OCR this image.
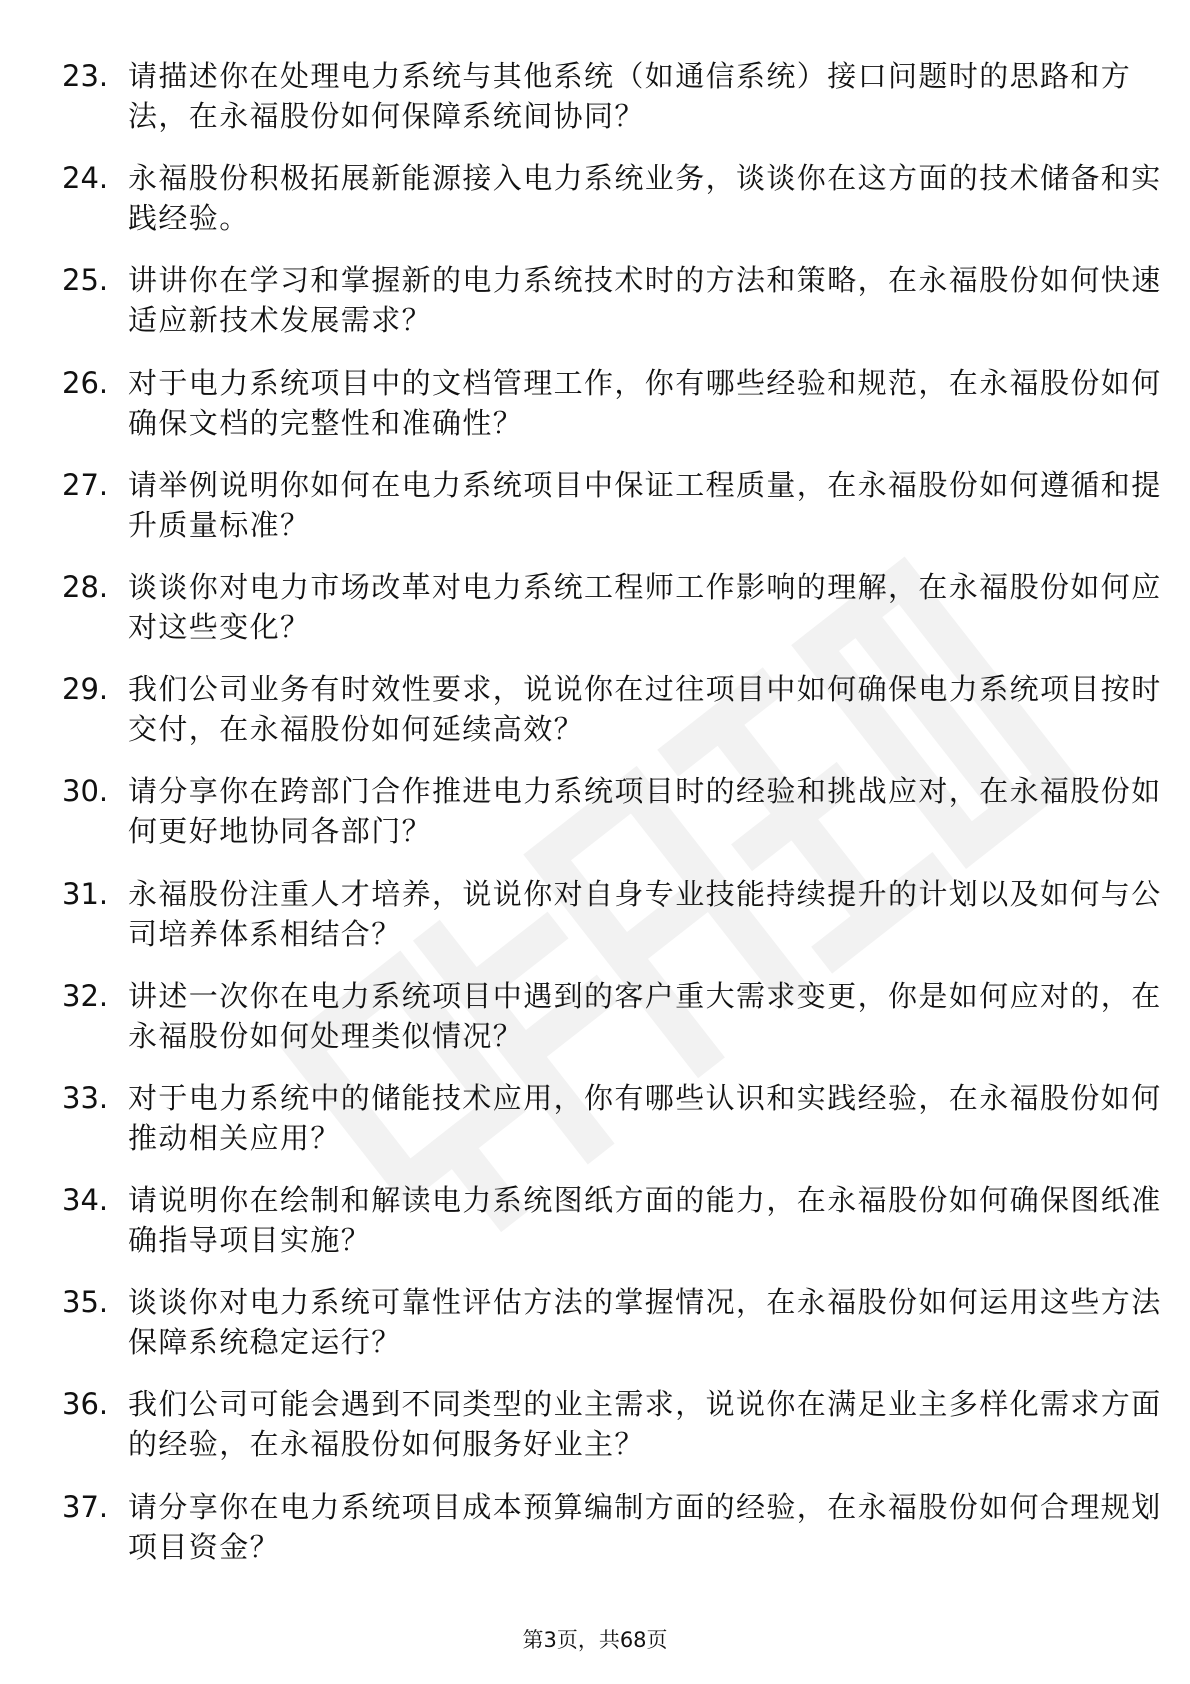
23. 请描述你在处理电力系统与其他系统（如通信系统）接口问题时的思路和方法，在永福股份如何保障系统间协同？

24. 永福股份积极拓展新能源接入电力系统业务，谈谈你在这方面的技术储备和实践经验。

25. 讲讲你在学习和掌握新的电力系统技术时的方法和策略，在永福股份如何快速适应新技术发展需求？

26. 对于电力系统项目中的文档管理工作，你有哪些经验和规范，在永福股份如何确保文档的完整性和准确性？

27. 请举例说明你如何在电力系统项目中保证工程质量，在永福股份如何遵循和提升质量标准？

28. 谈谈你对电力市场改革对电力系统工程师工作影响的理解，在永福股份如何应对这些变化？

29. 我们公司业务有时效性要求，说说你在过往项目中如何确保电力系统项目按时交付，在永福股份如何延续高效？

30. 请分享你在跨部门合作推进电力系统项目时的经验和挑战应对，在永福股份如何更好地协同各部门？

31. 永福股份注重人才培养，说说你对自身专业技能持续提升的计划以及如何与公司培养体系相结合？

32. 讲述一次你在电力系统项目中遇到的客户重大需求变更，你是如何应对的，在永福股份如何处理类似情况？

33. 对于电力系统中的储能技术应用，你有哪些认识和实践经验，在永福股份如何推动相关应用？

34. 请说明你在绘制和解读电力系统图纸方面的能力，在永福股份如何确保图纸准确指导项目实施？

35. 谈谈你对电力系统可靠性评估方法的掌握情况，在永福股份如何运用这些方法保障系统稳定运行？

36. 我们公司可能会遇到不同类型的业主需求，说说你在满足业主多样化需求方面的经验，在永福股份如何服务好业主？

37. 请分享你在电力系统项目成本预算编制方面的经验，在永福股份如何合理规划项目资金？

第3页，共68页
